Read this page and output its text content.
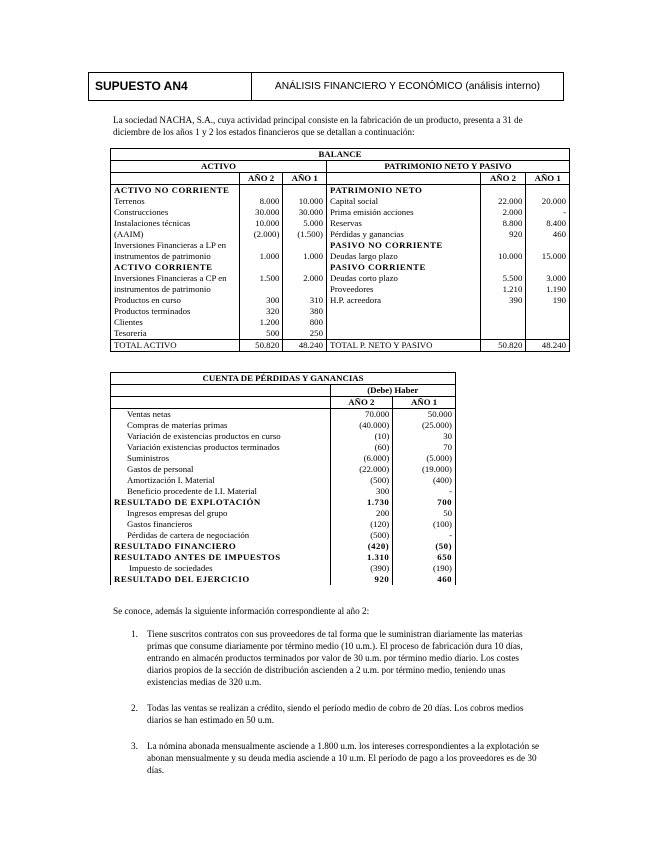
SUPUESTO AN4	ANÁLISIS FINANCIERO Y ECONÓMICO (análisis interno)
La sociedad NACHA, S.A., cuya actividad principal consiste en la fabricación de un producto, presenta a 31 de diciembre de los años 1 y 2 los estados financieros que se detallan a continuación:
BALANCE					
ACTIVO			PATRIMONIO NETO Y PASIVO		
	AÑO 2	AÑO 1		AÑO 2	AÑO 1
ACTIVO NO CORRIENTE			PATRIMONIO NETO		
Terrenos	8.000	10.000	Capital social	22.000	20.000
Construcciones	30.000	30.000	Prima emisión acciones	2.000	-
Instalaciones técnicas	10.000	5.000	Reservas	8.800	8.400
(AAIM)	(2.000)	(1.500)	Pérdidas y ganancias	920	460
Inversiones Financieras a LP en			PASIVO NO CORRIENTE		
instrumentos de patrimonio	1.000	1.000	Deudas largo plazo	10.000	15.000
ACTIVO CORRIENTE			PASIVO CORRIENTE		
Inversiones Financieras a CP en	1.500	2.000	Deudas corto plazo	5.500	3.000
instrumentos de patrimonio			Proveedores	1.210	1.190
Productos en curso	300	310	H.P. acreedora	390	190
Productos terminados	320	380			
Clientes	1.200	800			
Tesorería	500	250			
TOTAL ACTIVO	50.820	48.240	TOTAL P. NETO Y PASIVO	50.820	48.240
CUENTA DE PÉRDIDAS Y GANANCIAS		
	(Debe) Haber	
	AÑO 2	AÑO 1
Ventas netas	70.000	50.000
Compras de materias primas	(40.000)	(25.000)
Variación de existencias productos en curso	(10)	30
Variación existencias productos terminados	(60)	70
Suministros	(6.000)	(5.000)
Gastos de personal	(22.000)	(19.000)
Amortización I. Material	(500)	(400)
Beneficio procedente de I.I. Material	300	-
RESULTADO DE EXPLOTACIÓN	1.730	700
Ingresos empresas del grupo	200	50
Gastos financieros	(120)	(100)
Pérdidas de cartera de negociación	(500)	-
RESULTADO FINANCIERO	(420)	(50)
RESULTADO ANTES DE IMPUESTOS	1.310	650
Impuesto de sociedades	(390)	(190)
RESULTADO DEL EJERCICIO	920	460
Se conoce, además la siguiente información correspondiente al año 2:
1. Tiene suscritos contratos con sus proveedores de tal forma que le suministran diariamente las materias primas que consume diariamente por término medio (10 u.m.). El proceso de fabricación dura 10 días, entrando en almacén productos terminados por valor de 30 u.m. por término medio diario. Los costes diarios propios de la sección de distribución ascienden a 2 u.m. por término medio, teniendo unas existencias medias de 320 u.m.
2. Todas las ventas se realizan a crédito, siendo el período medio de cobro de 20 días. Los cobros medios diarios se han estimado en 50 u.m.
3. La nómina abonada mensualmente asciende a 1.800 u.m. los intereses correspondientes a la explotación se abonan mensualmente y su deuda media asciende a 10 u.m. El período de pago a los proveedores es de 30 días.
